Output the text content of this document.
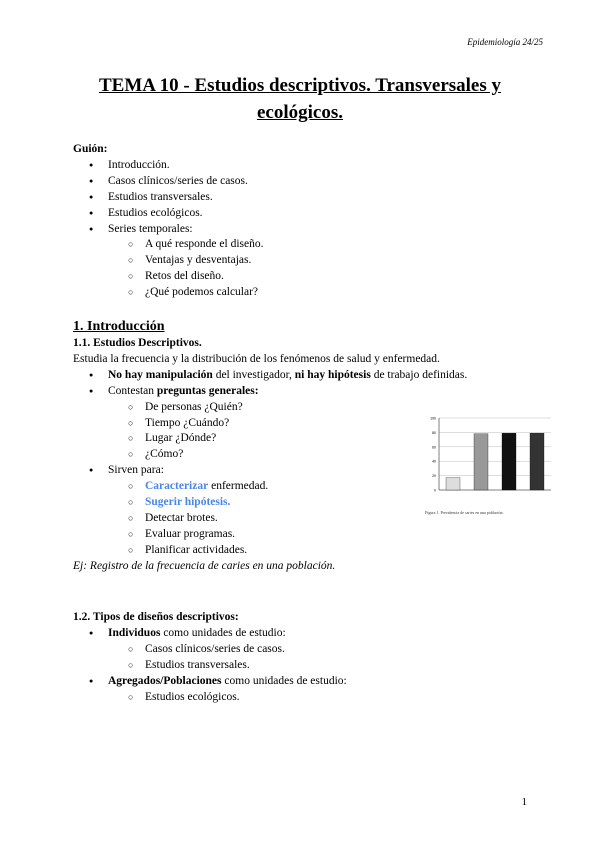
Epidemiología 24/25
TEMA 10 - Estudios descriptivos. Transversales y ecológicos.
Guión:
● Introducción.
● Casos clínicos/series de casos.
● Estudios transversales.
● Estudios ecológicos.
● Series temporales:
○ A qué responde el diseño.
○ Ventajas y desventajas.
○ Retos del diseño.
○ ¿Qué podemos calcular?
1. Introducción
1.1. Estudios Descriptivos.
Estudia la frecuencia y la distribución de los fenómenos de salud y enfermedad.
● No hay manipulación del investigador, ni hay hipótesis de trabajo definidas.
● Contestan preguntas generales:
○ De personas ¿Quién?
○ Tiempo ¿Cuándo?
○ Lugar ¿Dónde?
○ ¿Cómo?
● Sirven para:
○ Caracterizar enfermedad.
○ Sugerir hipótesis.
○ Detectar brotes.
○ Evaluar programas.
○ Planificar actividades.
Ej: Registro de la frecuencia de caries en una población.
0
20
40
60
80
100
Figura 1. Prevalencia de caries en una población.
1.2. Tipos de diseños descriptivos:
● Individuos como unidades de estudio:
○ Casos clínicos/series de casos.
○ Estudios transversales.
● Agregados/Poblaciones como unidades de estudio:
○ Estudios ecológicos.
1
